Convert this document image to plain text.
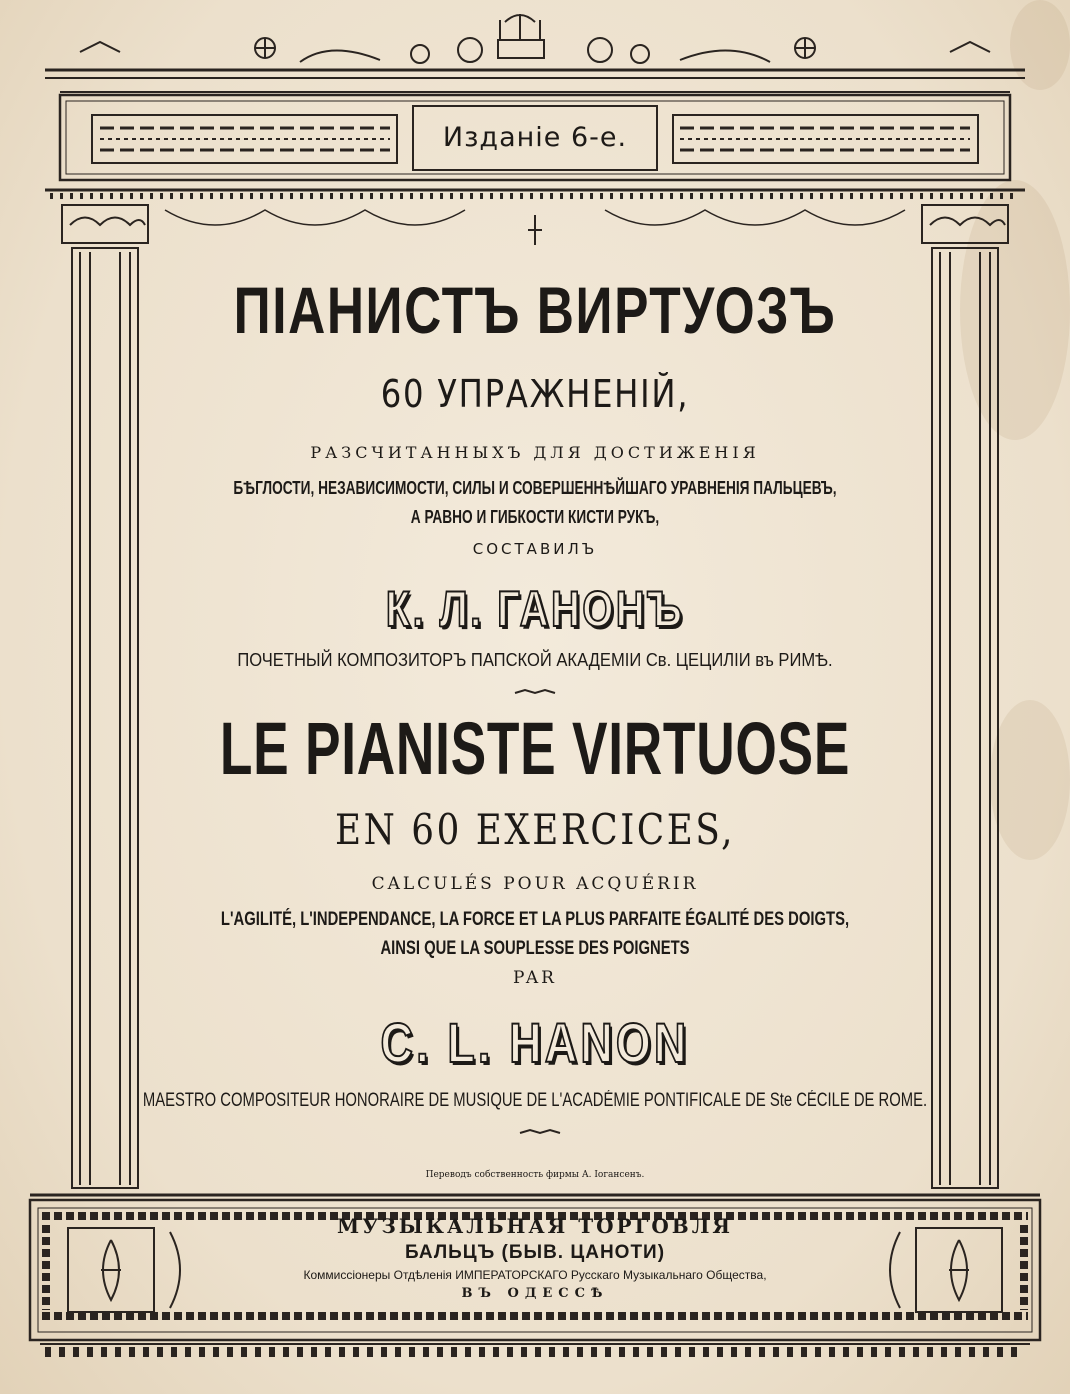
Изданіе 6-е.
ПІАНИСТЪ ВИРТУОЗЪ
60 УПРАЖНЕНІЙ,
РАЗСЧИТАННЫХЪ ДЛЯ ДОСТИЖЕНІЯ
БѢГЛОСТИ, НЕЗАВИСИМОСТИ, СИЛЫ И СОВЕРШЕННѢЙШАГО УРАВНЕНІЯ ПАЛЬЦЕВЪ,
А РАВНО И ГИБКОСТИ КИСТИ РУКЪ,
СОСТАВИЛЪ
К. Л. ГАНОНЪ
ПОЧЕТНЫЙ КОМПОЗИТОРЪ ПАПСКОЙ АКАДЕМІИ Св. ЦЕЦИЛІИ въ РИМѢ.
LE PIANISTE VIRTUOSE
EN 60 EXERCICES,
CALCULÉS POUR ACQUÉRIR
L'AGILITÉ, L'INDEPENDANCE, LA FORCE ET LA PLUS PARFAITE ÉGALITÉ DES DOIGTS,
AINSI QUE LA SOUPLESSE DES POIGNETS
PAR
C. L. HANON
MAESTRO COMPOSITEUR HONORAIRE DE MUSIQUE DE L'ACADÉMIE PONTIFICALE DE Ste CÉCILE DE ROME.
Переводъ собственность фирмы А. Іогансенъ.
МУЗЫКАЛЬНАЯ ТОРГОВЛЯ
БАЛЬЦЪ (БЫВ. ЦАНОТИ)
Коммиссіонеры Отдѣленія ИМПЕРАТОРСКАГО Русскаго Музыкальнаго Общества,
ВЪ ОДЕССѢ
